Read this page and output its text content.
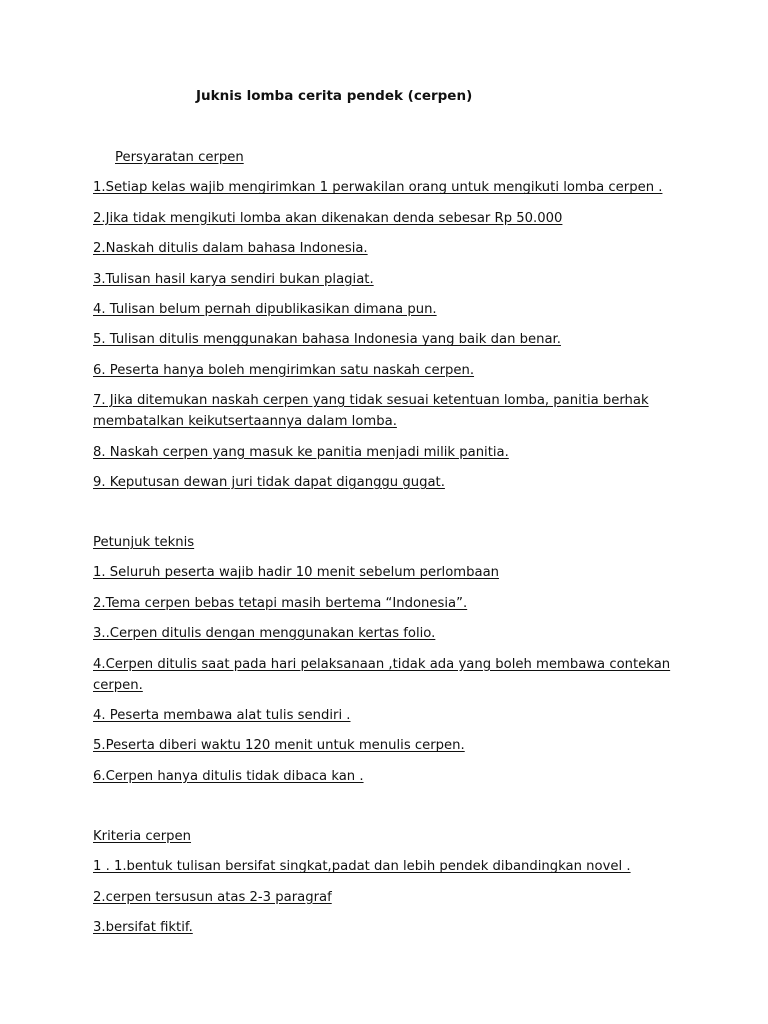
Juknis lomba cerita pendek (cerpen)
Persyaratan cerpen
1.Setiap kelas wajib mengirimkan 1 perwakilan orang untuk mengikuti lomba cerpen .
2.Jika tidak mengikuti lomba akan dikenakan denda sebesar Rp 50.000
2.Naskah ditulis dalam bahasa Indonesia.
3.Tulisan hasil karya sendiri bukan plagiat.
4. Tulisan belum pernah dipublikasikan dimana pun.
5. Tulisan ditulis menggunakan bahasa Indonesia yang baik dan benar.
6. Peserta hanya boleh mengirimkan satu naskah cerpen.
7. Jika ditemukan naskah cerpen yang tidak sesuai ketentuan lomba, panitia berhak membatalkan keikutsertaannya dalam lomba.
8. Naskah cerpen yang masuk ke panitia menjadi milik panitia.
9. Keputusan dewan juri tidak dapat diganggu gugat.
Petunjuk teknis
1. Seluruh peserta wajib hadir 10 menit sebelum perlombaan
2.Tema cerpen bebas tetapi masih bertema “Indonesia”.
3..Cerpen ditulis dengan menggunakan kertas folio.
4.Cerpen ditulis saat pada hari pelaksanaan ,tidak ada yang boleh membawa contekan cerpen.
4. Peserta membawa alat tulis sendiri .
5.Peserta diberi waktu 120 menit untuk menulis cerpen.
6.Cerpen hanya ditulis tidak dibaca kan .
Kriteria cerpen
1 . 1.bentuk tulisan bersifat singkat,padat dan lebih pendek dibandingkan novel .
2.cerpen tersusun atas 2-3 paragraf
3.bersifat fiktif.
